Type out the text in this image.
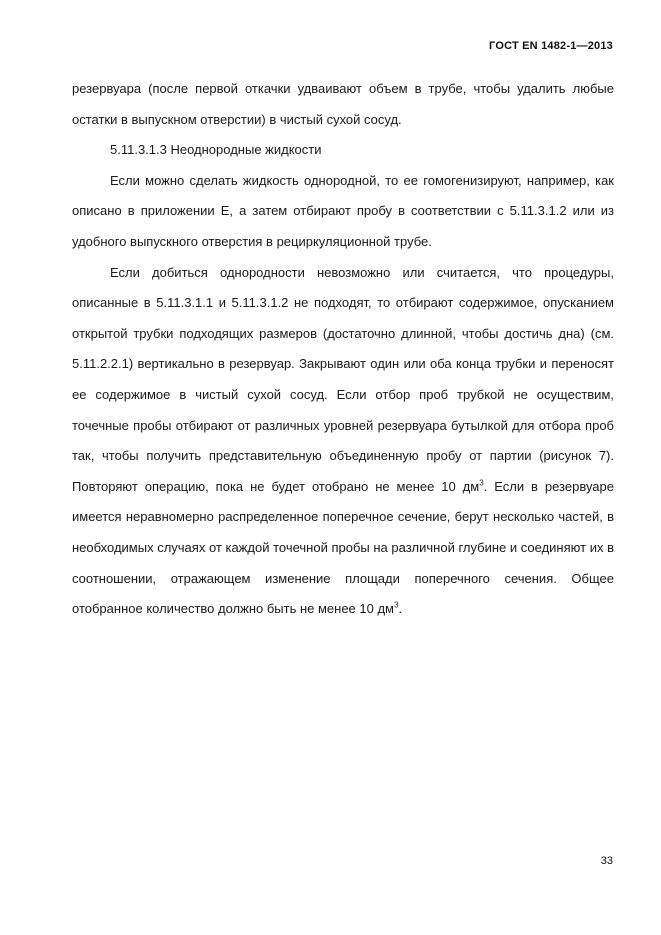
ГОСТ EN 1482-1—2013

резервуара (после первой откачки удваивают объем в трубе, чтобы удалить любые остатки в выпускном отверстии) в чистый сухой сосуд.

5.11.3.1.3 Неоднородные жидкости

Если можно сделать жидкость однородной, то ее гомогенизируют, например, как описано в приложении Е, а затем отбирают пробу в соответствии с 5.11.3.1.2 или из удобного выпускного отверстия в рециркуляционной трубе.

Если добиться однородности невозможно или считается, что процедуры, описанные в 5.11.3.1.1 и 5.11.3.1.2 не подходят, то отбирают содержимое, опусканием открытой трубки подходящих размеров (достаточно длинной, чтобы достичь дна) (см. 5.11.2.2.1) вертикально в резервуар. Закрывают один или оба конца трубки и переносят ее содержимое в чистый сухой сосуд. Если отбор проб трубкой не осуществим, точечные пробы отбирают от различных уровней резервуара бутылкой для отбора проб так, чтобы получить представительную объединенную пробу от партии (рисунок 7). Повторяют операцию, пока не будет отобрано не менее 10 $дм^3$. Если в резервуаре имеется неравномерно распределенное поперечное сечение, берут несколько частей, в необходимых случаях от каждой точечной пробы на различной глубине и соединяют их в соотношении, отражающем изменение площади поперечного сечения. Общее отобранное количество должно быть не менее 10 $дм^3$.

33
